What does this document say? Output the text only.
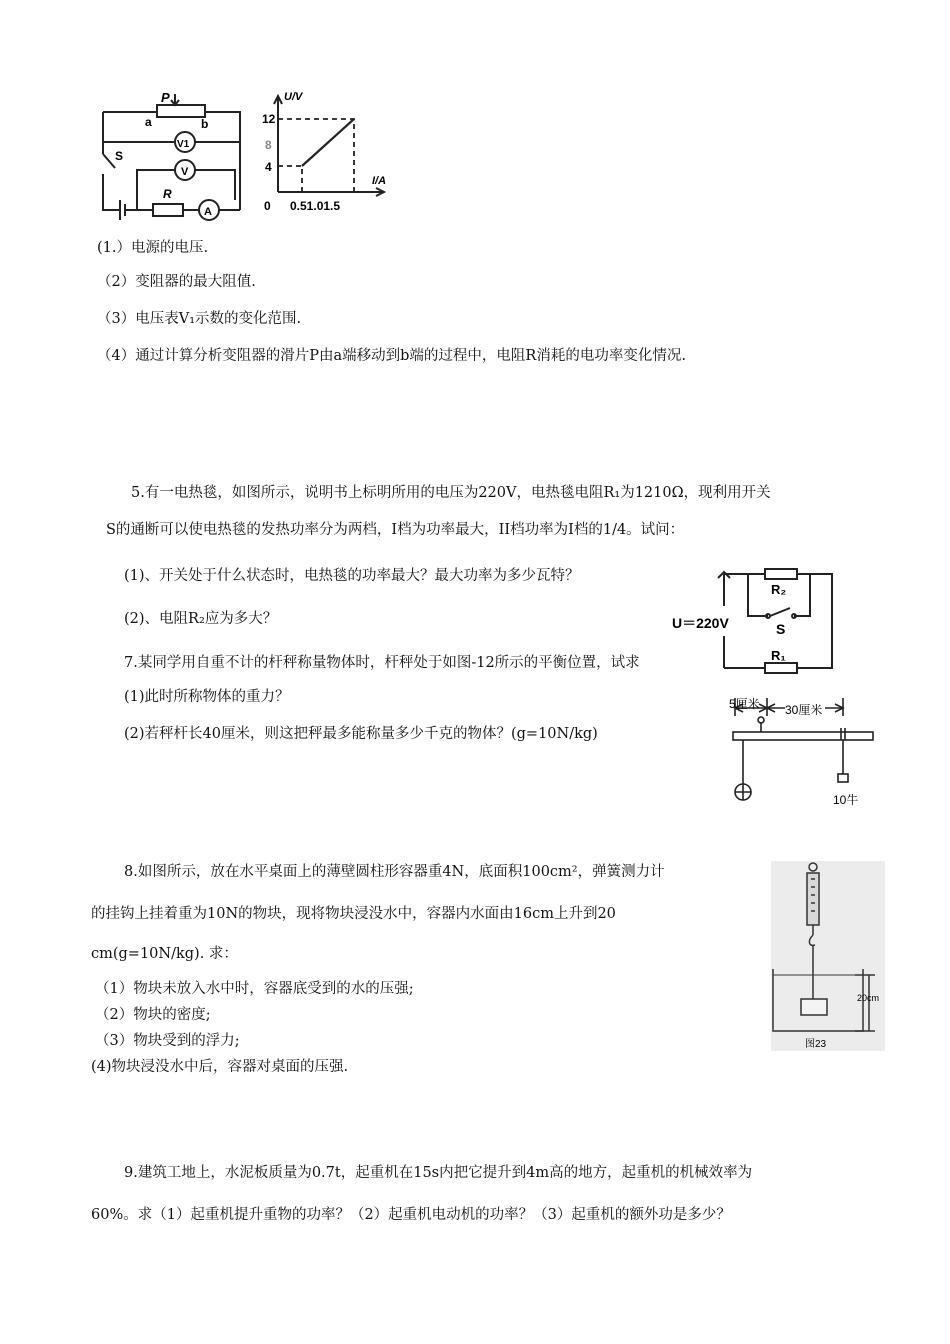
P
a	b
V1
V
S
R
A
U/V
I/A
12
8
4
0 0.51.01.5
(1.）电源的电压.
（2）变阻器的最大阻值.
（3）电压表V₁示数的变化范围.
（4）通过计算分析变阻器的滑片P由a端移动到b端的过程中，电阻R消耗的电功率变化情况.
5.有一电热毯，如图所示，说明书上标明所用的电压为220V，电热毯电阻R₁为1210Ω，现利用开关
S的通断可以使电热毯的发热功率分为两档，I档为功率最大，II档功率为I档的1/4。试问：
(1)、开关处于什么状态时，电热毯的功率最大？最大功率为多少瓦特？
(2)、电阻R₂应为多大？	U＝220V
R₂
S
R₁
7.某同学用自重不计的杆秤称量物体时，杆秤处于如图-12所示的平衡位置，试求
(1)此时所称物体的重力？
(2)若秤杆长40厘米，则这把秤最多能称量多少千克的物体？(g=10N/kg)
5厘米 30厘米
10牛
8.如图所示，放在水平桌面上的薄壁圆柱形容器重4N，底面积100cm²，弹簧测力计
的挂钩上挂着重为10N的物块，现将物块浸没水中，容器内水面由16cm上升到20
cm(g=10N/kg). 求：
（1）物块未放入水中时，容器底受到的水的压强;
（2）物块的密度;
（3）物块受到的浮力;
(4)物块浸没水中后，容器对桌面的压强.
20cm
图23
9.建筑工地上，水泥板质量为0.7t，起重机在15s内把它提升到4m高的地方，起重机的机械效率为
60%。求（1）起重机提升重物的功率？（2）起重机电动机的功率？（3）起重机的额外功是多少？
